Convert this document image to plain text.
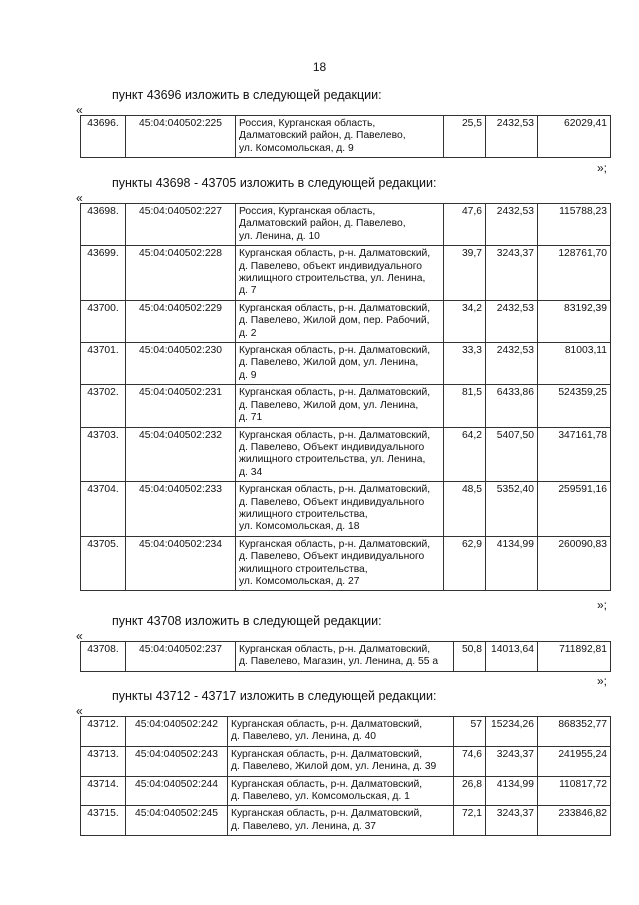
18
пункт 43696 изложить в следующей редакции:
«
43696.	45:04:040502:225	Россия, Курганская область,
Далматовский район, д. Павелево,
ул. Комсомольская, д. 9
	25,5	2432,53	62029,41
»;
пункты 43698 - 43705 изложить в следующей редакции:
«
43698.	45:04:040502:227	Россия, Курганская область,
Далматовский район, д. Павелево,
ул. Ленина, д. 10	47,6	2432,53	115788,23
43699.	45:04:040502:228	Курганская область, р-н. Далматовский,
д. Павелево, объект индивидуального
жилищного строительства, ул. Ленина,
д. 7	39,7	3243,37	128761,70
43700.	45:04:040502:229	Курганская область, р-н. Далматовский,
д. Павелево, Жилой дом, пер. Рабочий,
д. 2	34,2	2432,53	83192,39
43701.	45:04:040502:230	Курганская область, р-н. Далматовский,
д. Павелево, Жилой дом, ул. Ленина,
д. 9	33,3	2432,53	81003,11
43702.	45:04:040502:231	Курганская область, р-н. Далматовский,
д. Павелево, Жилой дом, ул. Ленина,
д. 71	81,5	6433,86	524359,25
43703.	45:04:040502:232	Курганская область, р-н. Далматовский,
д. Павелево, Объект индивидуального
жилищного строительства, ул. Ленина,
д. 34	64,2	5407,50	347161,78
43704.	45:04:040502:233	Курганская область, р-н. Далматовский,
д. Павелево, Объект индивидуального
жилищного строительства,
ул. Комсомольская, д. 18	48,5	5352,40	259591,16
43705.	45:04:040502:234	Курганская область, р-н. Далматовский,
д. Павелево, Объект индивидуального
жилищного строительства,
ул. Комсомольская, д. 27	62,9	4134,99	260090,83
»;
пункт 43708 изложить в следующей редакции:
«
43708.	45:04:040502:237	Курганская область, р-н. Далматовский,
д. Павелево, Магазин, ул. Ленина, д. 55 а
	50,8	14013,64	711892,81
»;
пункты 43712 - 43717 изложить в следующей редакции:
«
43712.	45:04:040502:242	Курганская область, р-н. Далматовский,
д. Павелево, ул. Ленина, д. 40	57	15234,26	868352,77
43713.	45:04:040502:243	Курганская область, р-н. Далматовский,
д. Павелево, Жилой дом, ул. Ленина, д. 39	74,6	3243,37	241955,24
43714.	45:04:040502:244	Курганская область, р-н. Далматовский,
д. Павелево, ул. Комсомольская, д. 1	26,8	4134,99	110817,72
43715.	45:04:040502:245	Курганская область, р-н. Далматовский,
д. Павелево, ул. Ленина, д. 37	72,1	3243,37	233846,82
